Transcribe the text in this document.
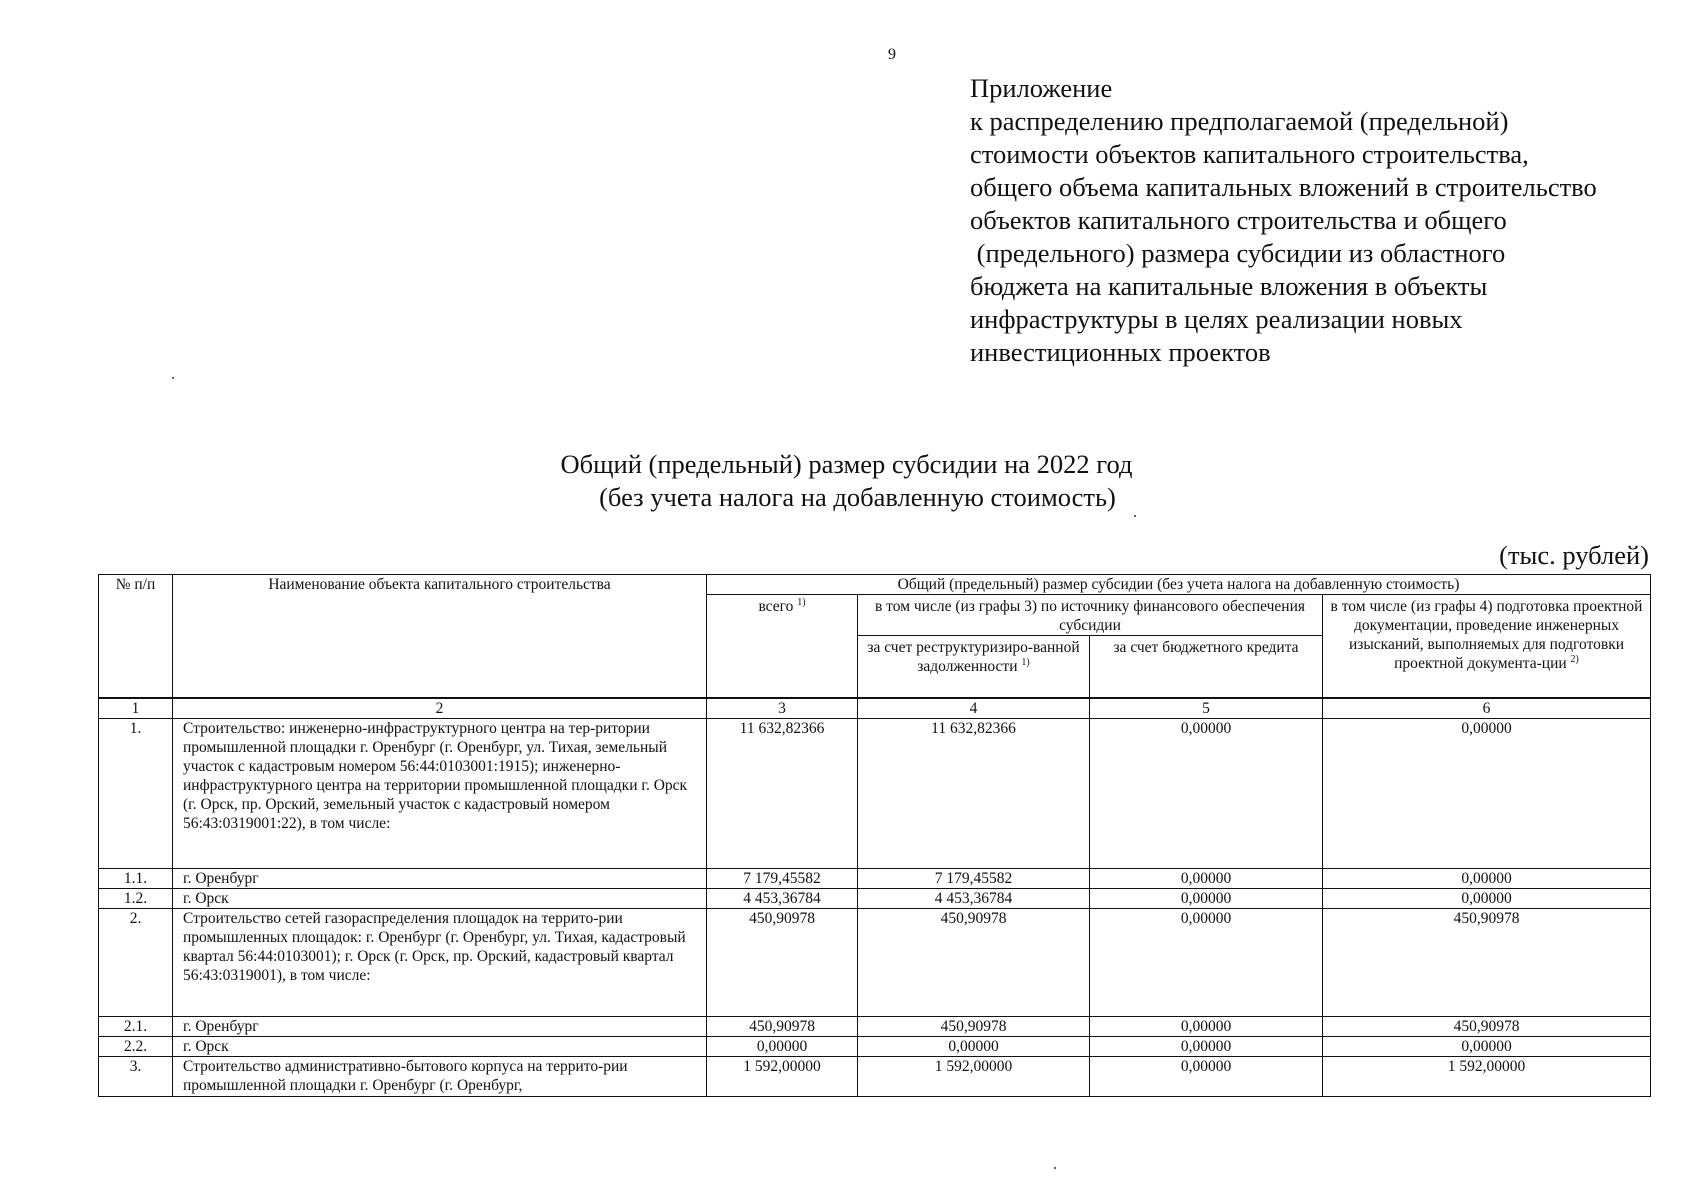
9
Приложение
к распределению предполагаемой (предельной)
стоимости объектов капитального строительства,
общего объема капитальных вложений в строительство
объектов капитального строительства и общего
(предельного) размера субсидии из областного
бюджета на капитальные вложения в объекты
инфраструктуры в целях реализации новых
инвестиционных проектов
Общий (предельный) размер субсидии на 2022 год
(без учета налога на добавленную стоимость)
(тыс. рублей)
№ п/п	Наименование объекта капитального строительства	Общий (предельный) размер субсидии (без учета налога на добавленную стоимость)			
		всего $^{1)}$	в том числе (из графы 3) по источнику финансового обеспечения субсидии		в том числе (из графы 4) подготовка проектной документации, проведение инженерных изысканий, выполняемых для подготовки проектной документа-ции $^{2)}$
			за счет реструктуризиро-ванной задолженности $^{1)}$	за счет бюджетного кредита	
1	2	3	4	5	6
1.	Строительство: инженерно-инфраструктурного центра на тер-ритории промышленной площадки г. Оренбург (г. Оренбург, ул. Тихая, земельный участок с кадастровым номером 56:44:0103001:1915); инженерно-инфраструктурного центра на территории промышленной площадки г. Орск (г. Орск, пр. Орский, земельный участок с кадастровый номером 56:43:0319001:22), в том числе:	11 632,82366	11 632,82366	0,00000	0,00000
1.1.	г. Оренбург	7 179,45582	7 179,45582	0,00000	0,00000
1.2.	г. Орск	4 453,36784	4 453,36784	0,00000	0,00000
2.	Строительство сетей газораспределения площадок на террито-рии промышленных площадок: г. Оренбург (г. Оренбург, ул. Тихая, кадастровый квартал 56:44:0103001); г. Орск (г. Орск, пр. Орский, кадастровый квартал 56:43:0319001), в том числе:	450,90978	450,90978	0,00000	450,90978
2.1.	г. Оренбург	450,90978	450,90978	0,00000	450,90978
2.2.	г. Орск	0,00000	0,00000	0,00000	0,00000
3.	Строительство административно-бытового корпуса на террито-рии промышленной площадки г. Оренбург (г. Оренбург,	1 592,00000	1 592,00000	0,00000	1 592,00000
